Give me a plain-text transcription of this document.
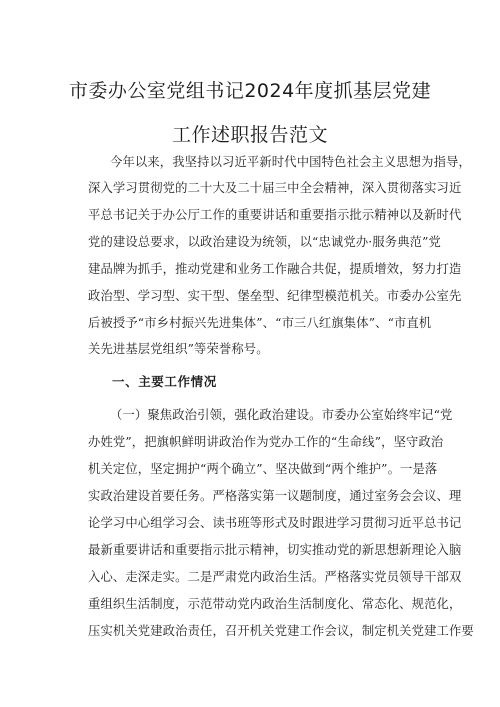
市委办公室党组书记2024年度抓基层党建
工作述职报告范文
今年以来，我坚持以习近平新时代中国特色社会主义思想为指导，
深入学习贯彻党的二十大及二十届三中全会精神，深入贯彻落实习近
平总书记关于办公厅工作的重要讲话和重要指示批示精神以及新时代
党的建设总要求，以政治建设为统领，以“忠诚党办·服务典范”党
建品牌为抓手，推动党建和业务工作融合共促，提质增效，努力打造
政治型、学习型、实干型、堡垒型、纪律型模范机关。市委办公室先
后被授予“市乡村振兴先进集体”、“市三八红旗集体”、“市直机
关先进基层党组织”等荣誉称号。
一、主要工作情况
（一）聚焦政治引领，强化政治建设。市委办公室始终牢记“党
办姓党”，把旗帜鲜明讲政治作为党办工作的“生命线”，坚守政治
机关定位，坚定拥护“两个确立”、坚决做到“两个维护”。一是落
实政治建设首要任务。严格落实第一议题制度，通过室务会会议、理
论学习中心组学习会、读书班等形式及时跟进学习贯彻习近平总书记
最新重要讲话和重要指示批示精神，切实推动党的新思想新理论入脑
入心、走深走实。二是严肃党内政治生活。严格落实党员领导干部双
重组织生活制度，示范带动党内政治生活制度化、常态化、规范化，
压实机关党建政治责任，召开机关党建工作会议，制定机关党建工作要
